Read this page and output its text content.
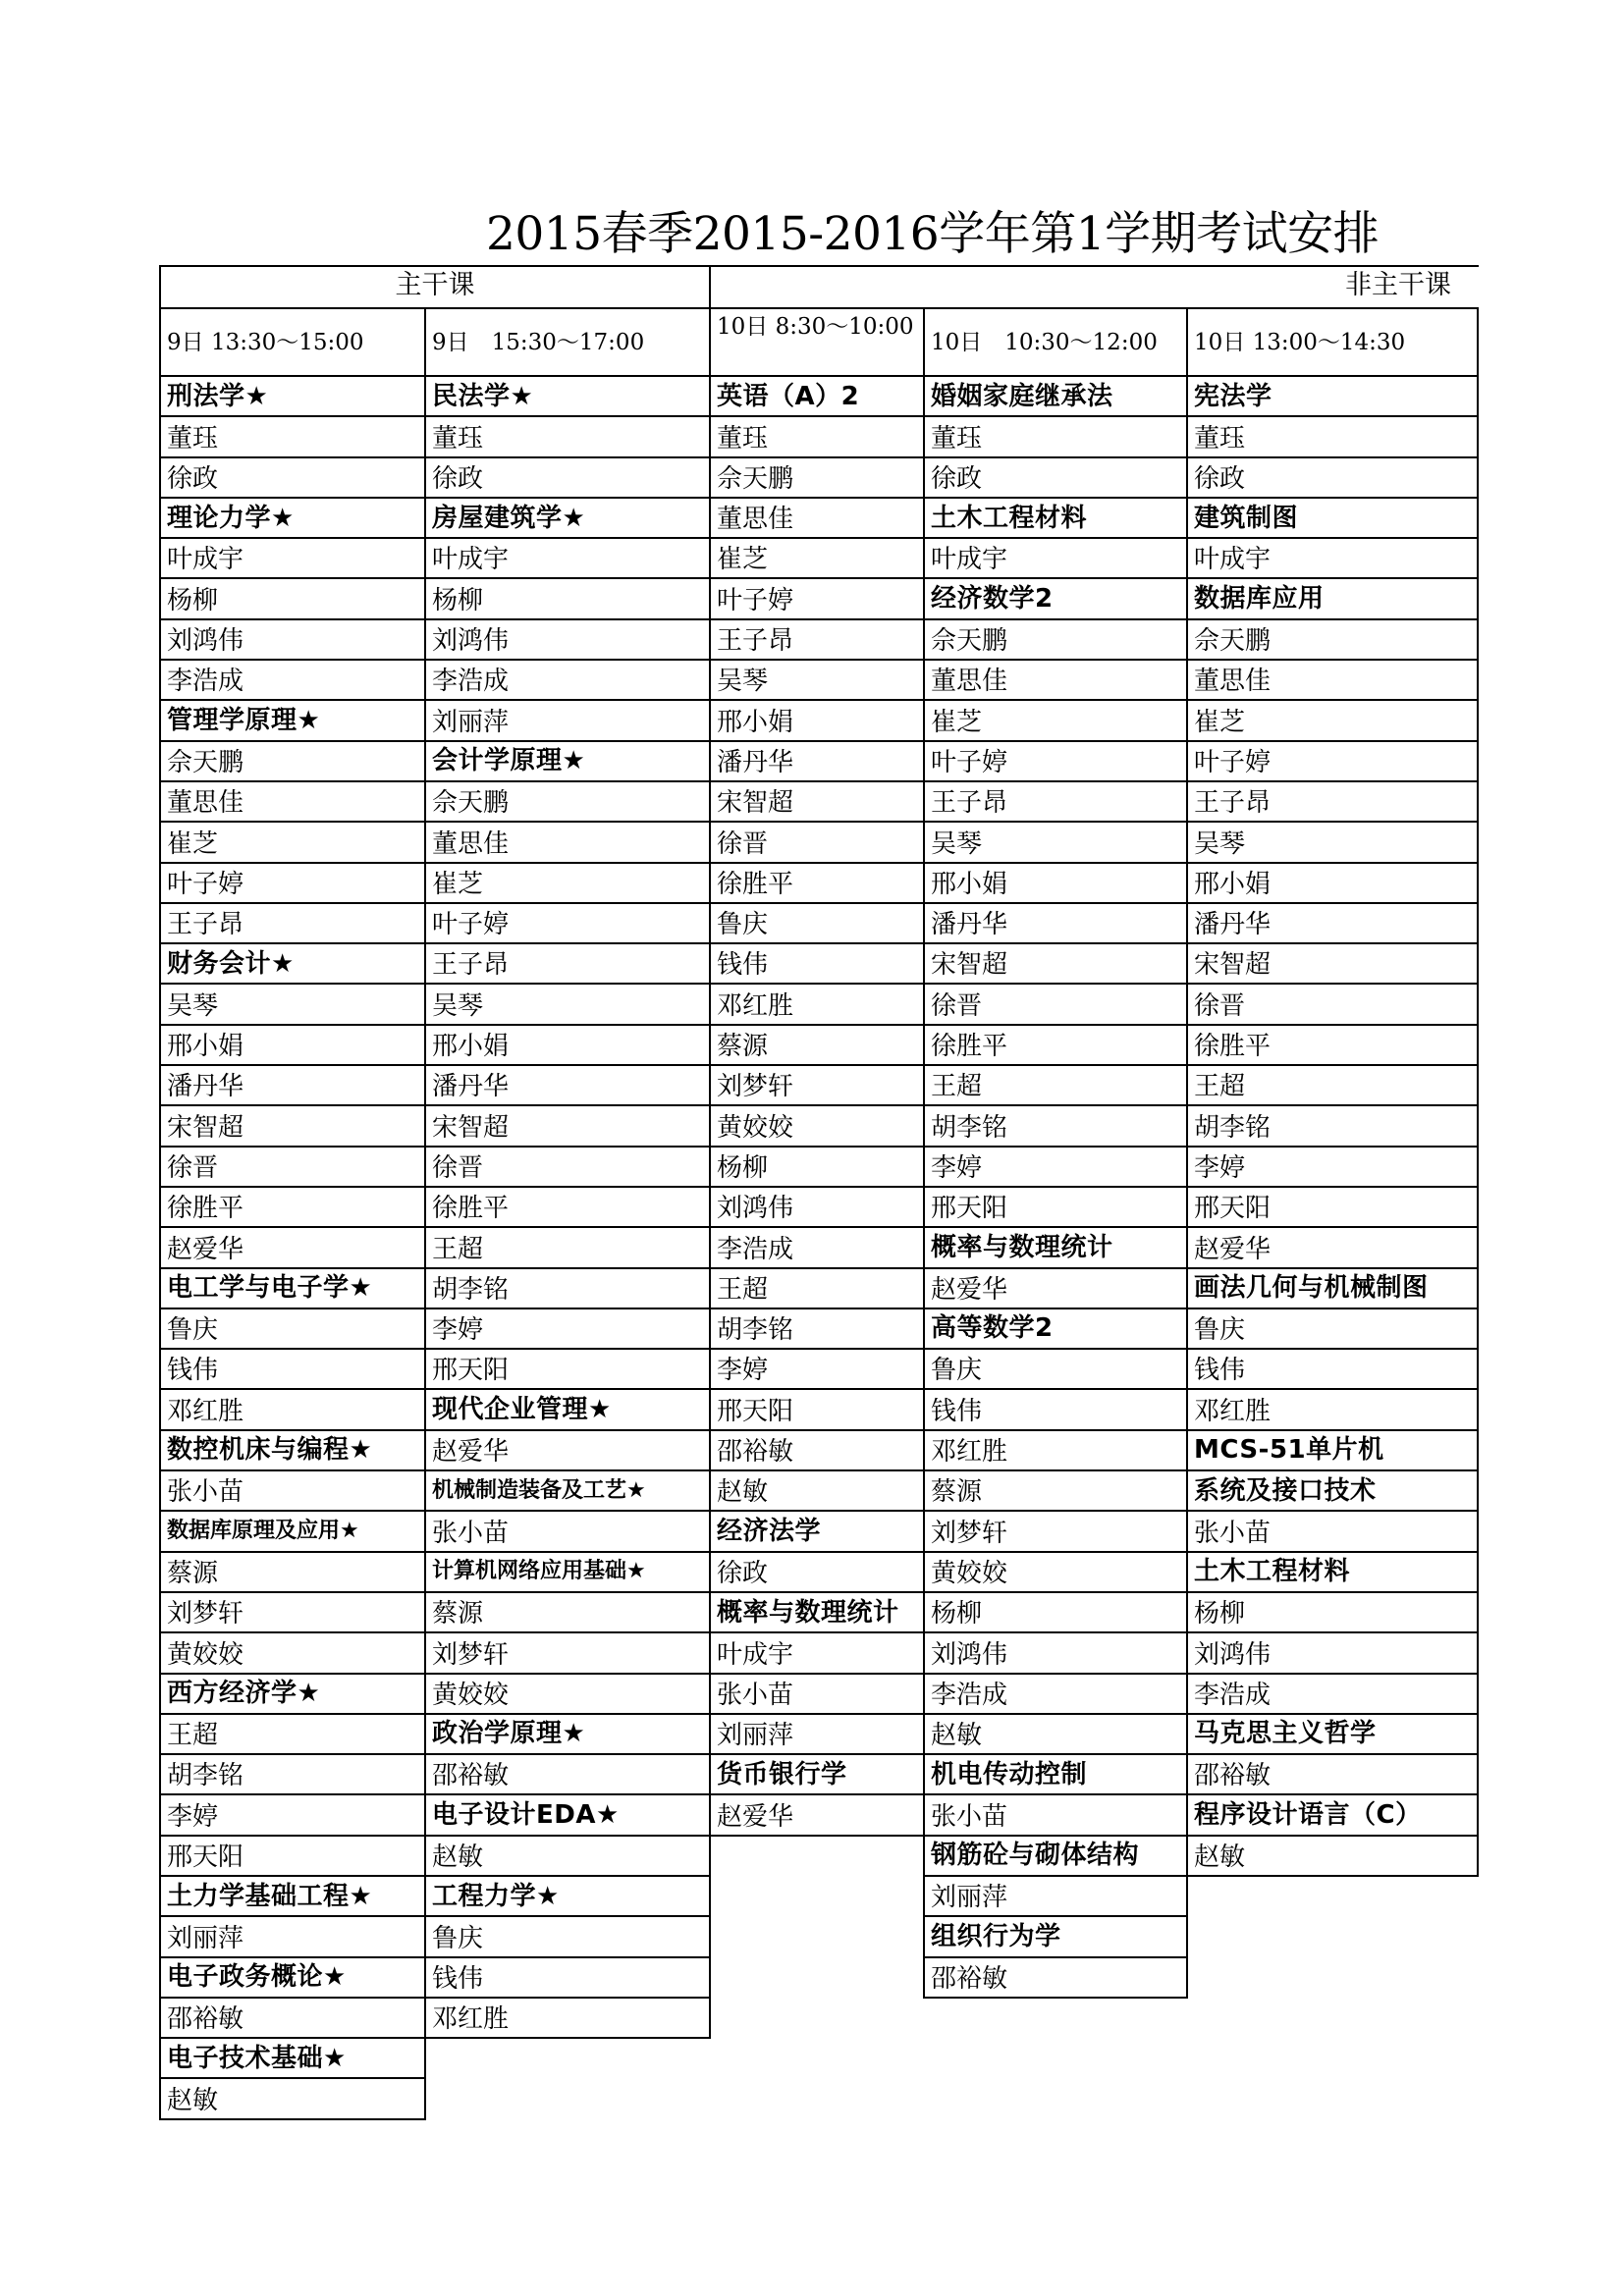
2015春季2015-2016学年第1学期考试安排
主干课	非主干课
9日 13:30～15:00
刑法学★
董珏
徐政
理论力学★
叶成宇
杨柳
刘鸿伟
李浩成
管理学原理★
佘天鹏
董思佳
崔芝
叶子婷
王子昂
财务会计★
吴琴
邢小娟
潘丹华
宋智超
徐晋
徐胜平
赵爱华
电工学与电子学★
鲁庆
钱伟
邓红胜
数控机床与编程★
张小苗
数据库原理及应用★
蔡源
刘梦轩
黄姣姣
西方经济学★
王超
胡李铭
李婷
邢天阳
土力学基础工程★
刘丽萍
电子政务概论★
邵裕敏
电子技术基础★
赵敏
9日　15:30～17:00
民法学★
董珏
徐政
房屋建筑学★
叶成宇
杨柳
刘鸿伟
李浩成
刘丽萍
会计学原理★
佘天鹏
董思佳
崔芝
叶子婷
王子昂
吴琴
邢小娟
潘丹华
宋智超
徐晋
徐胜平
王超
胡李铭
李婷
邢天阳
现代企业管理★
赵爱华
机械制造装备及工艺★
张小苗
计算机网络应用基础★
蔡源
刘梦轩
黄姣姣
政治学原理★
邵裕敏
电子设计EDA★
赵敏
工程力学★
鲁庆
钱伟
邓红胜
10日 8:30～10:00
英语（A）2
董珏
佘天鹏
董思佳
崔芝
叶子婷
王子昂
吴琴
邢小娟
潘丹华
宋智超
徐晋
徐胜平
鲁庆
钱伟
邓红胜
蔡源
刘梦轩
黄姣姣
杨柳
刘鸿伟
李浩成
王超
胡李铭
李婷
邢天阳
邵裕敏
赵敏
经济法学
徐政
概率与数理统计
叶成宇
张小苗
刘丽萍
货币银行学
赵爱华
10日　10:30～12:00
婚姻家庭继承法
董珏
徐政
土木工程材料
叶成宇
经济数学2
佘天鹏
董思佳
崔芝
叶子婷
王子昂
吴琴
邢小娟
潘丹华
宋智超
徐晋
徐胜平
王超
胡李铭
李婷
邢天阳
概率与数理统计
赵爱华
高等数学2
鲁庆
钱伟
邓红胜
蔡源
刘梦轩
黄姣姣
杨柳
刘鸿伟
李浩成
赵敏
机电传动控制
张小苗
钢筋砼与砌体结构
刘丽萍
组织行为学
邵裕敏
10日 13:00～14:30
宪法学
董珏
徐政
建筑制图
叶成宇
数据库应用
佘天鹏
董思佳
崔芝
叶子婷
王子昂
吴琴
邢小娟
潘丹华
宋智超
徐晋
徐胜平
王超
胡李铭
李婷
邢天阳
赵爱华
画法几何与机械制图
鲁庆
钱伟
邓红胜
MCS-51单片机
系统及接口技术
张小苗
土木工程材料
杨柳
刘鸿伟
李浩成
马克思主义哲学
邵裕敏
程序设计语言（C）
赵敏
